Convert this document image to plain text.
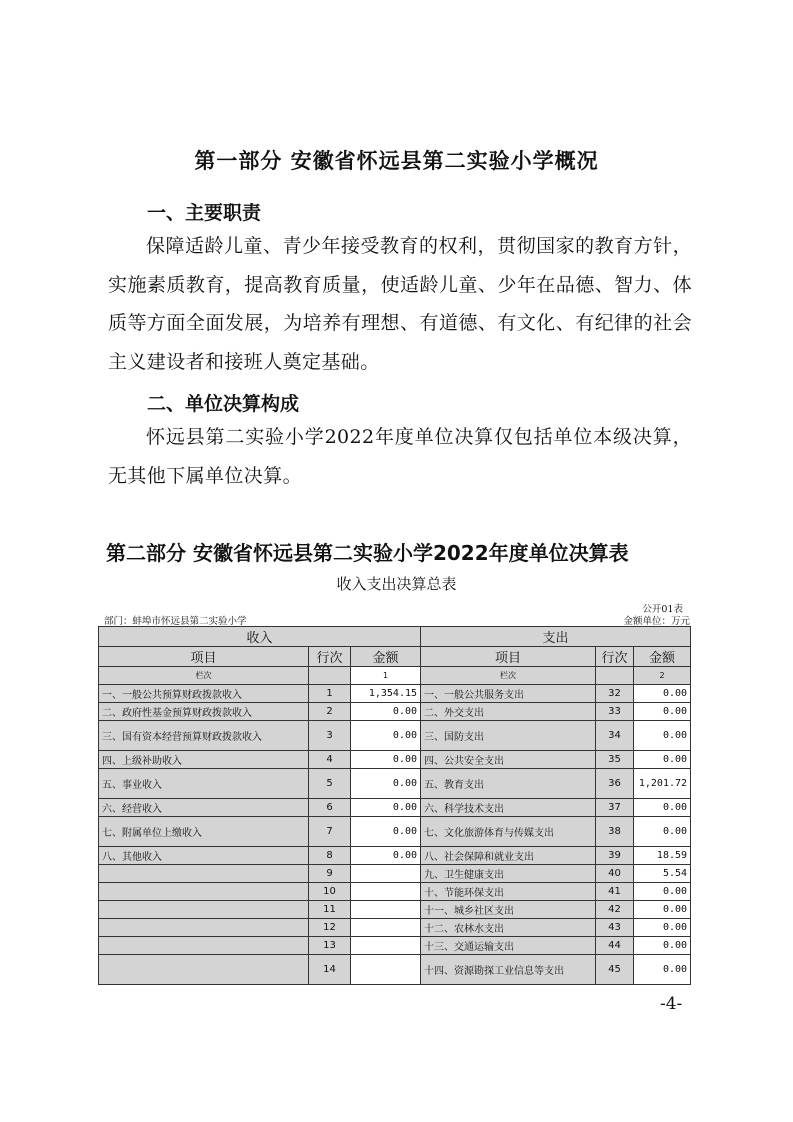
第一部分 安徽省怀远县第二实验小学概况
一、主要职责

保障适龄儿童、青少年接受教育的权利，贯彻国家的教育方针，实施素质教育，提高教育质量，使适龄儿童、少年在品德、智力、体质等方面全面发展，为培养有理想、有道德、有文化、有纪律的社会主义建设者和接班人奠定基础。

二、单位决算构成

怀远县第二实验小学2022年度单位决算仅包括单位本级决算，无其他下属单位决算。

第二部分 安徽省怀远县第二实验小学2022年度单位决算表
收入支出决算总表
公开01表
部门：蚌埠市怀远县第二实验小学	金额单位：万元
收入			支出		
项目	行次	金额	项目	行次	金额
栏次		1	栏次		2
一、一般公共预算财政拨款收入	1	1,354.15	一、一般公共服务支出	32	0.00
二、政府性基金预算财政拨款收入	2	0.00	二、外交支出	33	0.00
三、国有资本经营预算财政拨款收入	3	0.00	三、国防支出	34	0.00
四、上级补助收入	4	0.00	四、公共安全支出	35	0.00
五、事业收入	5	0.00	五、教育支出	36	1,201.72
六、经营收入	6	0.00	六、科学技术支出	37	0.00
七、附属单位上缴收入	7	0.00	七、文化旅游体育与传媒支出	38	0.00
八、其他收入	8	0.00	八、社会保障和就业支出	39	18.59
	9		九、卫生健康支出	40	5.54
	10		十、节能环保支出	41	0.00
	11		十一、城乡社区支出	42	0.00
	12		十二、农林水支出	43	0.00
	13		十三、交通运输支出	44	0.00
	14		十四、资源勘探工业信息等支出	45	0.00
-4-
